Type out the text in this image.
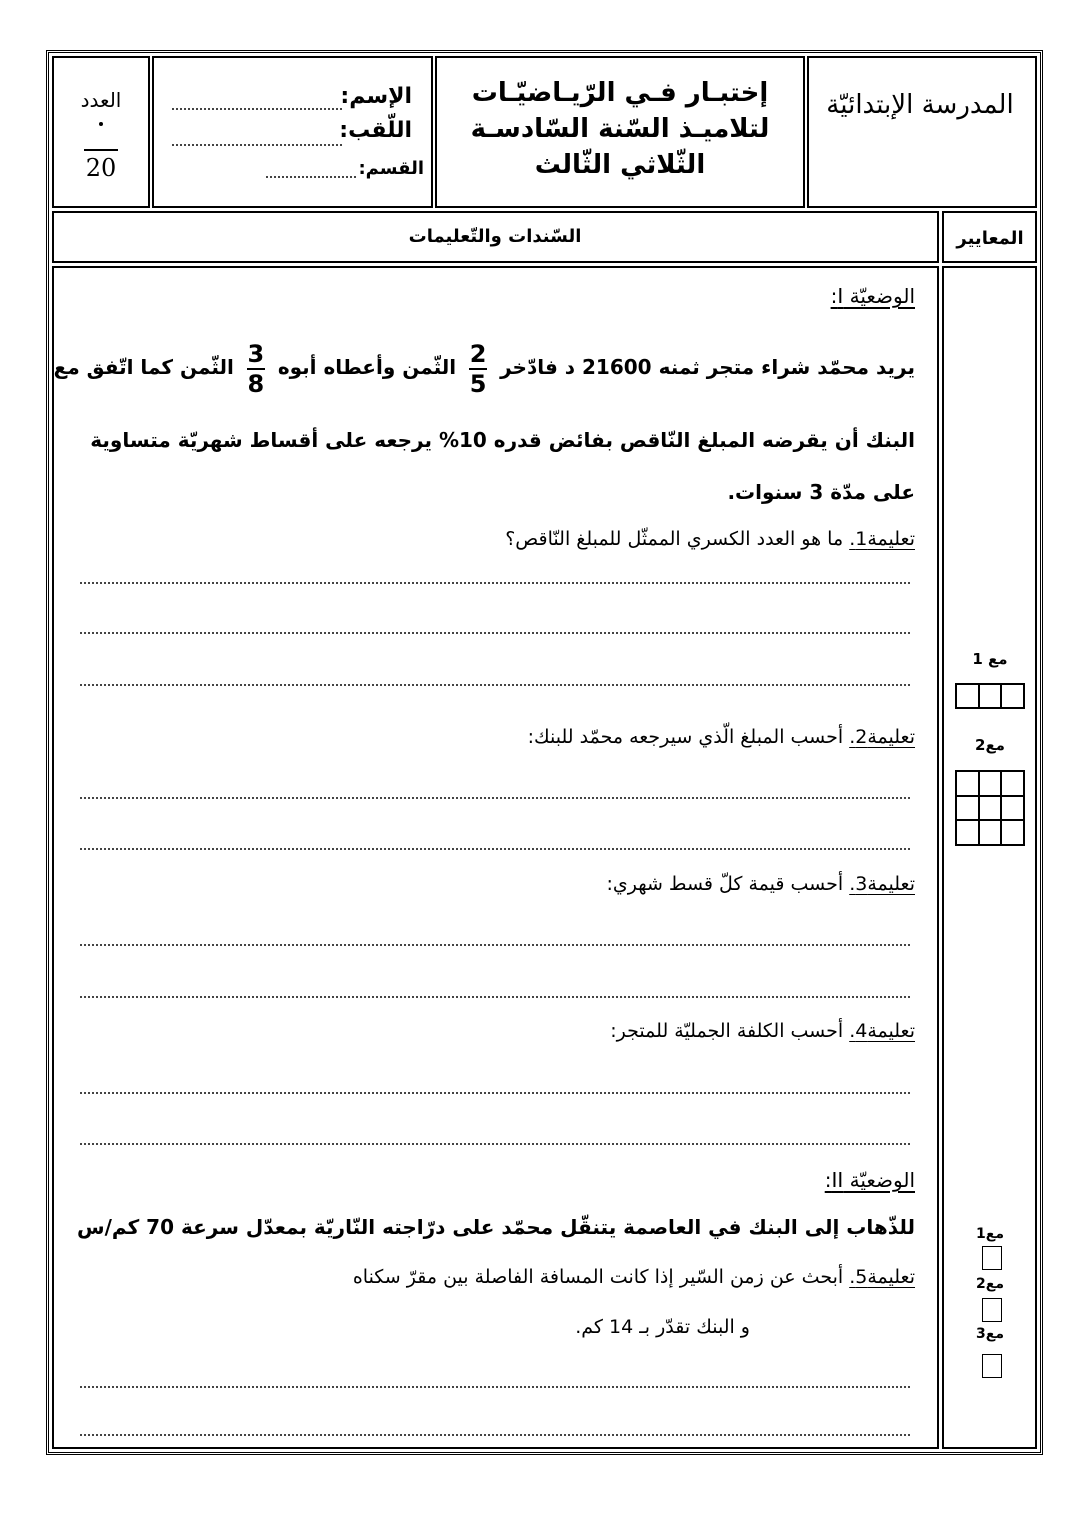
المدرسة الإبتدائيّة
إختبـار فـي الرّيـاضيّـات
لتلاميـذ السّنة السّادسـة
الثّلاثي الثّالث
الإسم:
اللّقب:
القسم:
العدد
20
السّندات والتّعليمات	المعايير
الوضعيّة I:
يريد محمّد شراء متجر ثمنه 21600 د فادّخر
$\frac{2}{5}$
الثّمن وأعطاه أبوه
$\frac{3}{8}$
الثّمن كما اتّفق مع
البنك أن يقرضه المبلغ النّاقص بفائض قدره 10% يرجعه على أقساط شهريّة متساوية
على مدّة 3 سنوات.
تعليمة1. ما هو العدد الكسري الممثّل للمبلغ النّاقص؟
تعليمة2. أحسب المبلغ الّذي سيرجعه محمّد للبنك:
تعليمة3. أحسب قيمة كلّ قسط شهري:
تعليمة4. أحسب الكلفة الجمليّة للمتجر:
الوضعيّة II:
للذّهاب إلى البنك في العاصمة يتنقّل محمّد على درّاجته النّاريّة بمعدّل سرعة 70 كم/س
تعليمة5. أبحث عن زمن السّير إذا كانت المسافة الفاصلة بين مقرّ سكناه
و البنك تقدّر بـ 14 كم.
مع 1
مع2
مع1
مع2
مع3
